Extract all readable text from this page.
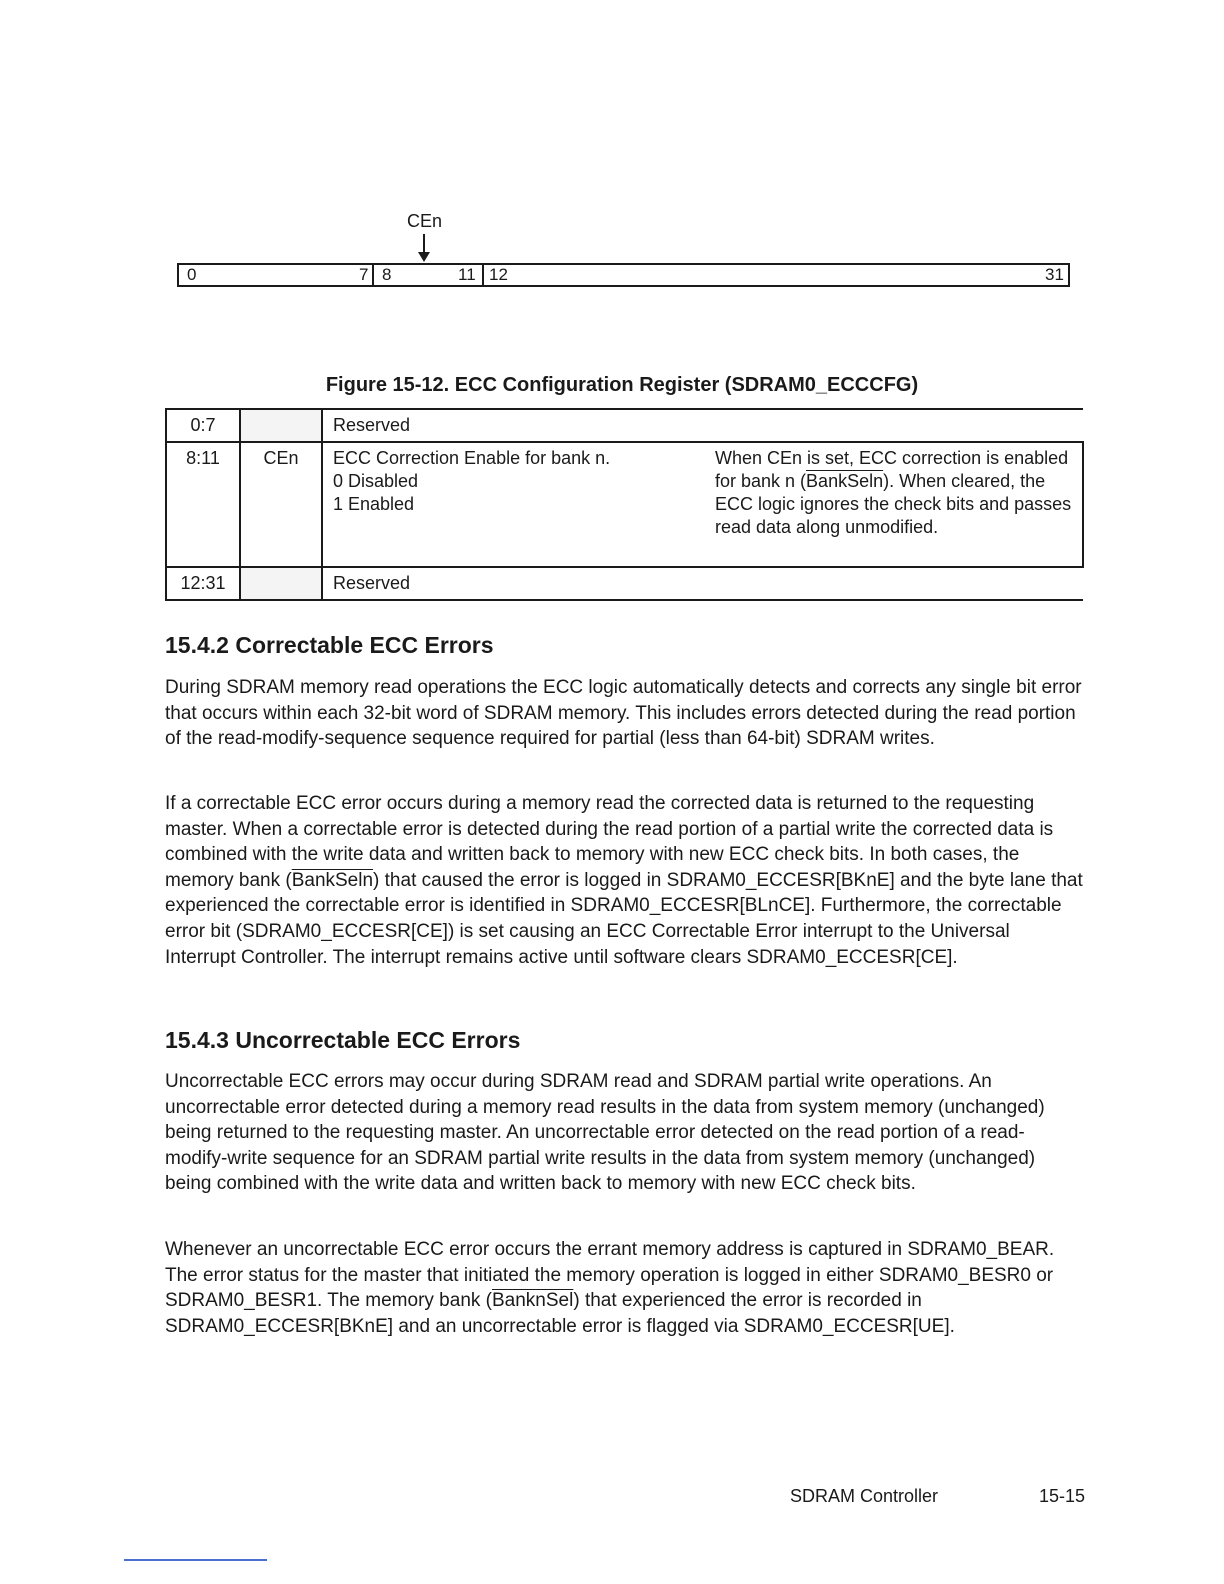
CEn
0	7 8	11 12	31
Figure 15-12. ECC Configuration Register (SDRAM0_ECCCFG)
0:7		Reserved	
8:11	CEn	ECC Correction Enable for bank n.
0 Disabled
1 Enabled	When CEn is set, ECC correction is enabled for bank n (BankSeln). When cleared, the ECC logic ignores the check bits and passes read data along unmodified.
12:31		Reserved	
15.4.2 Correctable ECC Errors

During SDRAM memory read operations the ECC logic automatically detects and corrects any single bit error that occurs within each 32-bit word of SDRAM memory. This includes errors detected during the read portion of the read-modify-sequence sequence required for partial (less than 64-bit) SDRAM writes.

If a correctable ECC error occurs during a memory read the corrected data is returned to the requesting master. When a correctable error is detected during the read portion of a partial write the corrected data is combined with the write data and written back to memory with new ECC check bits. In both cases, the memory bank (BankSeln) that caused the error is logged in SDRAM0_ECCESR[BKnE] and the byte lane that experienced the correctable error is identified in SDRAM0_ECCESR[BLnCE]. Furthermore, the correctable error bit (SDRAM0_ECCESR[CE]) is set causing an ECC Correctable Error interrupt to the Universal Interrupt Controller. The interrupt remains active until software clears SDRAM0_ECCESR[CE].

15.4.3 Uncorrectable ECC Errors

Uncorrectable ECC errors may occur during SDRAM read and SDRAM partial write operations. An uncorrectable error detected during a memory read results in the data from system memory (unchanged) being returned to the requesting master. An uncorrectable error detected on the read portion of a read-modify-write sequence for an SDRAM partial write results in the data from system memory (unchanged) being combined with the write data and written back to memory with new ECC check bits.

Whenever an uncorrectable ECC error occurs the errant memory address is captured in SDRAM0_BEAR. The error status for the master that initiated the memory operation is logged in either SDRAM0_BESR0 or SDRAM0_BESR1. The memory bank (BanknSel) that experienced the error is recorded in SDRAM0_ECCESR[BKnE] and an uncorrectable error is flagged via SDRAM0_ECCESR[UE].

SDRAM Controller	15-15
